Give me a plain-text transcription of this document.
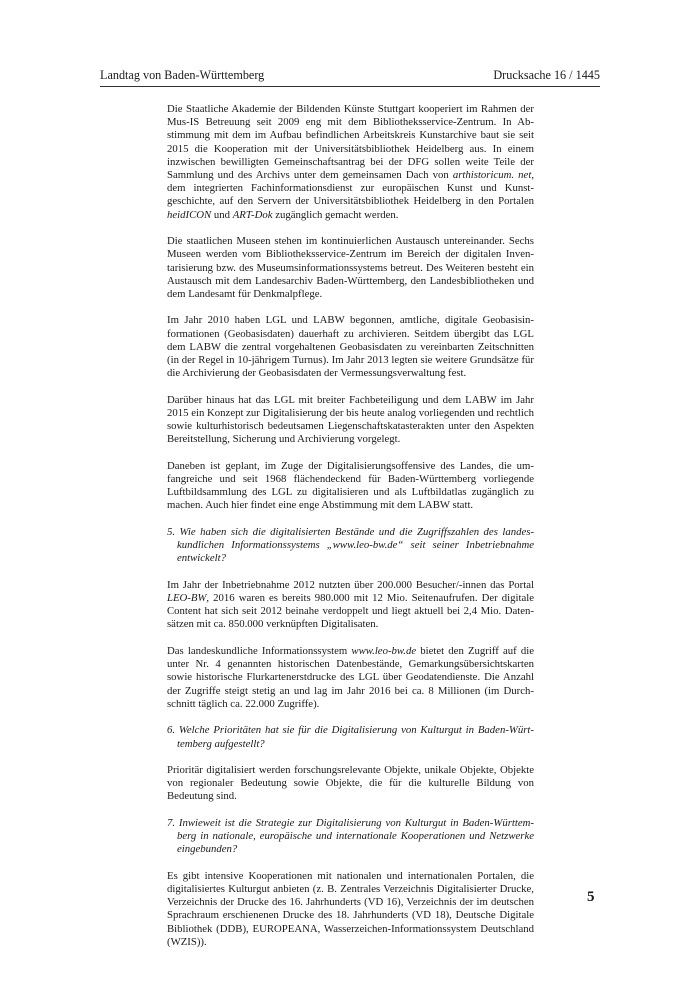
Landtag von Baden-Württemberg	Drucksache 16 / 1445

Die Staatliche Akademie der Bildenden Künste Stuttgart kooperiert im Rahmen der Mus-IS Betreuung seit 2009 eng mit dem Bibliotheksservice-Zentrum. In Abstimmung mit dem im Aufbau befindlichen Arbeitskreis Kunstarchive baut sie seit 2015 die Kooperation mit der Universitätsbibliothek Heidelberg aus. In einem inzwischen bewilligten Gemeinschaftsantrag bei der DFG sollen weite Teile der Sammlung und des Archivs unter dem gemeinsamen Dach von arthistoricum. net, dem integrierten Fachinformationsdienst zur europäischen Kunst und Kunstgeschichte, auf den Servern der Universitätsbibliothek Heidelberg in den Portalen heidICON und ART-Dok zugänglich gemacht werden.

Die staatlichen Museen stehen im kontinuierlichen Austausch untereinander. Sechs Museen werden vom Bibliotheksservice-Zentrum im Bereich der digitalen Inventarisierung bzw. des Museumsinformationssystems betreut. Des Weiteren besteht ein Austausch mit dem Landesarchiv Baden-Württemberg, den Landesbibliotheken und dem Landesamt für Denkmalpflege.

Im Jahr 2010 haben LGL und LABW begonnen, amtliche, digitale Geobasisinformationen (Geobasisdaten) dauerhaft zu archivieren. Seitdem übergibt das LGL dem LABW die zentral vorgehaltenen Geobasisdaten zu vereinbarten Zeitschnitten (in der Regel in 10-jährigem Turnus). Im Jahr 2013 legten sie weitere Grundsätze für die Archivierung der Geobasisdaten der Vermessungsverwaltung fest.

Darüber hinaus hat das LGL mit breiter Fachbeteiligung und dem LABW im Jahr 2015 ein Konzept zur Digitalisierung der bis heute analog vorliegenden und rechtlich sowie kulturhistorisch bedeutsamen Liegenschaftskatasterakten unter den Aspekten Bereitstellung, Sicherung und Archivierung vorgelegt.

Daneben ist geplant, im Zuge der Digitalisierungsoffensive des Landes, die umfangreiche und seit 1968 flächendeckend für Baden-Württemberg vorliegende Luftbildsammlung des LGL zu digitalisieren und als Luftbildatlas zugänglich zu machen. Auch hier findet eine enge Abstimmung mit dem LABW statt.

5. Wie haben sich die digitalisierten Bestände und die Zugriffszahlen des landeskundlichen Informationssystems „www.leo-bw.de“ seit seiner Inbetriebnahme entwickelt?

Im Jahr der Inbetriebnahme 2012 nutzten über 200.000 Besucher/-innen das Portal LEO-BW, 2016 waren es bereits 980.000 mit 12 Mio. Seitenaufrufen. Der digitale Content hat sich seit 2012 beinahe verdoppelt und liegt aktuell bei 2,4 Mio. Datensätzen mit ca. 850.000 verknüpften Digitalisaten.

Das landeskundliche Informationssystem www.leo-bw.de bietet den Zugriff auf die unter Nr. 4 genannten historischen Datenbestände, Gemarkungsübersichtskarten sowie historische Flurkartenerstdrucke des LGL über Geodatendienste. Die Anzahl der Zugriffe steigt stetig an und lag im Jahr 2016 bei ca. 8 Millionen (im Durchschnitt täglich ca. 22.000 Zugriffe).

6. Welche Prioritäten hat sie für die Digitalisierung von Kulturgut in Baden-Württemberg aufgestellt?

Prioritär digitalisiert werden forschungsrelevante Objekte, unikale Objekte, Objekte von regionaler Bedeutung sowie Objekte, die für die kulturelle Bildung von Bedeutung sind.

7. Inwieweit ist die Strategie zur Digitalisierung von Kulturgut in Baden-Württemberg in nationale, europäische und internationale Kooperationen und Netzwerke eingebunden?

Es gibt intensive Kooperationen mit nationalen und internationalen Portalen, die digitalisiertes Kulturgut anbieten (z. B. Zentrales Verzeichnis Digitalisierter Drucke, Verzeichnis der Drucke des 16. Jahrhunderts (VD 16), Verzeichnis der im deutschen Sprachraum erschienenen Drucke des 18. Jahrhunderts (VD 18), Deutsche Digitale Bibliothek (DDB), EUROPEANA, Wasserzeichen-Informationssystem Deutschland (WZIS)).

5
